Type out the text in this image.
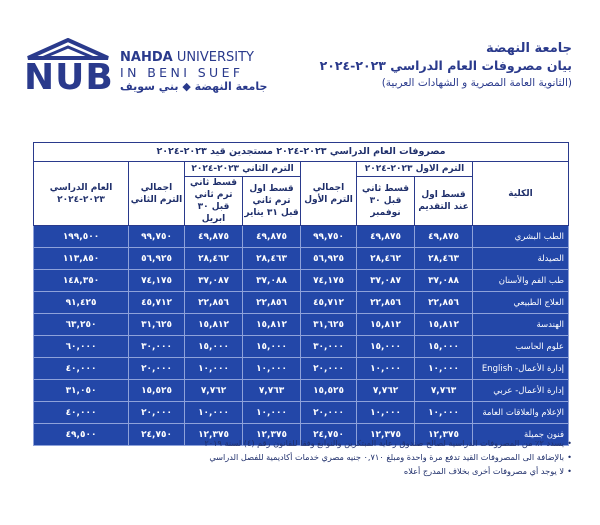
NUB NAHDA UNIVERSITY
IN BENI SUEF
جامعة النهضة ◆ بني سويف
جامعة النهضة
بيان مصروفات العام الدراسي ٢٠٢٣-٢٠٢٤
(الثانوية العامة المصرية و الشهادات العربية)
مصروفات العام الدراسي ٢٠٢٣-٢٠٢٤ مستجدين قيد ٢٠٢٣-٢٠٢٤							
الكلية	الترم الاول ٢٠٢٣-٢٠٢٤		اجمالي الترم الأول	الترم الثاني ٢٠٢٣-٢٠٢٤		اجمالي الترم الثاني	العام الدراسي ٢٠٢٣-٢٠٢٤
	قسط اول عند التقديم	قسط ثاني قبل ٣٠ نوفمبر		قسط اول ترم ثاني قبل ٣١ يناير	قسط ثاني ترم ثاني قبل ٣٠ ابريل		
الطب البشري	٤٩,٨٧٥	٤٩,٨٧٥	٩٩,٧٥٠	٤٩,٨٧٥	٤٩,٨٧٥	٩٩,٧٥٠	١٩٩,٥٠٠
الصيدلة	٢٨,٤٦٣	٢٨,٤٦٢	٥٦,٩٢٥	٢٨,٤٦٣	٢٨,٤٦٢	٥٦,٩٢٥	١١٣,٨٥٠
طب الفم والأسنان	٣٧,٠٨٨	٣٧,٠٨٧	٧٤,١٧٥	٣٧,٠٨٨	٣٧,٠٨٧	٧٤,١٧٥	١٤٨,٣٥٠
العلاج الطبيعي	٢٢,٨٥٦	٢٢,٨٥٦	٤٥,٧١٢	٢٢,٨٥٦	٢٢,٨٥٦	٤٥,٧١٢	٩١,٤٢٥
الهندسة	١٥,٨١٢	١٥,٨١٢	٣١,٦٢٥	١٥,٨١٢	١٥,٨١٢	٣١,٦٢٥	٦٣,٢٥٠
علوم الحاسب	١٥,٠٠٠	١٥,٠٠٠	٣٠,٠٠٠	١٥,٠٠٠	١٥,٠٠٠	٣٠,٠٠٠	٦٠,٠٠٠
إدارة الأعمال- English	١٠,٠٠٠	١٠,٠٠٠	٢٠,٠٠٠	١٠,٠٠٠	١٠,٠٠٠	٢٠,٠٠٠	٤٠,٠٠٠
إدارة الأعمال- عربي	٧,٧٦٣	٧,٧٦٢	١٥,٥٢٥	٧,٧٦٣	٧,٧٦٢	١٥,٥٢٥	٣١,٠٥٠
الإعلام والعلاقات العامة	١٠,٠٠٠	١٠,٠٠٠	٢٠,٠٠٠	١٠,٠٠٠	١٠,٠٠٠	٢٠,٠٠٠	٤٠,٠٠٠
فنون جميلة	١٢,٣٧٥	١٢,٣٧٥	٢٤,٧٥٠	١٢,٣٧٥	١٢,٣٧٥	٢٤,٧٥٠	٤٩,٥٠٠
•يسدد ٢٪ من المصروفات الدراسية لصالح صندوق رعاية المبتكرين والنوابغ وفقا للقانون رقم (٤) لسنة ٢٠١٩
•بالإضافة الى المصروفات القيد تدفع مرة واحدة ومبلغ ٠,٧١٠ جنيه مصري خدمات أكاديمية للفصل الدراسي
•لا يوجد أي مصروفات أخرى بخلاف المدرج أعلاه
